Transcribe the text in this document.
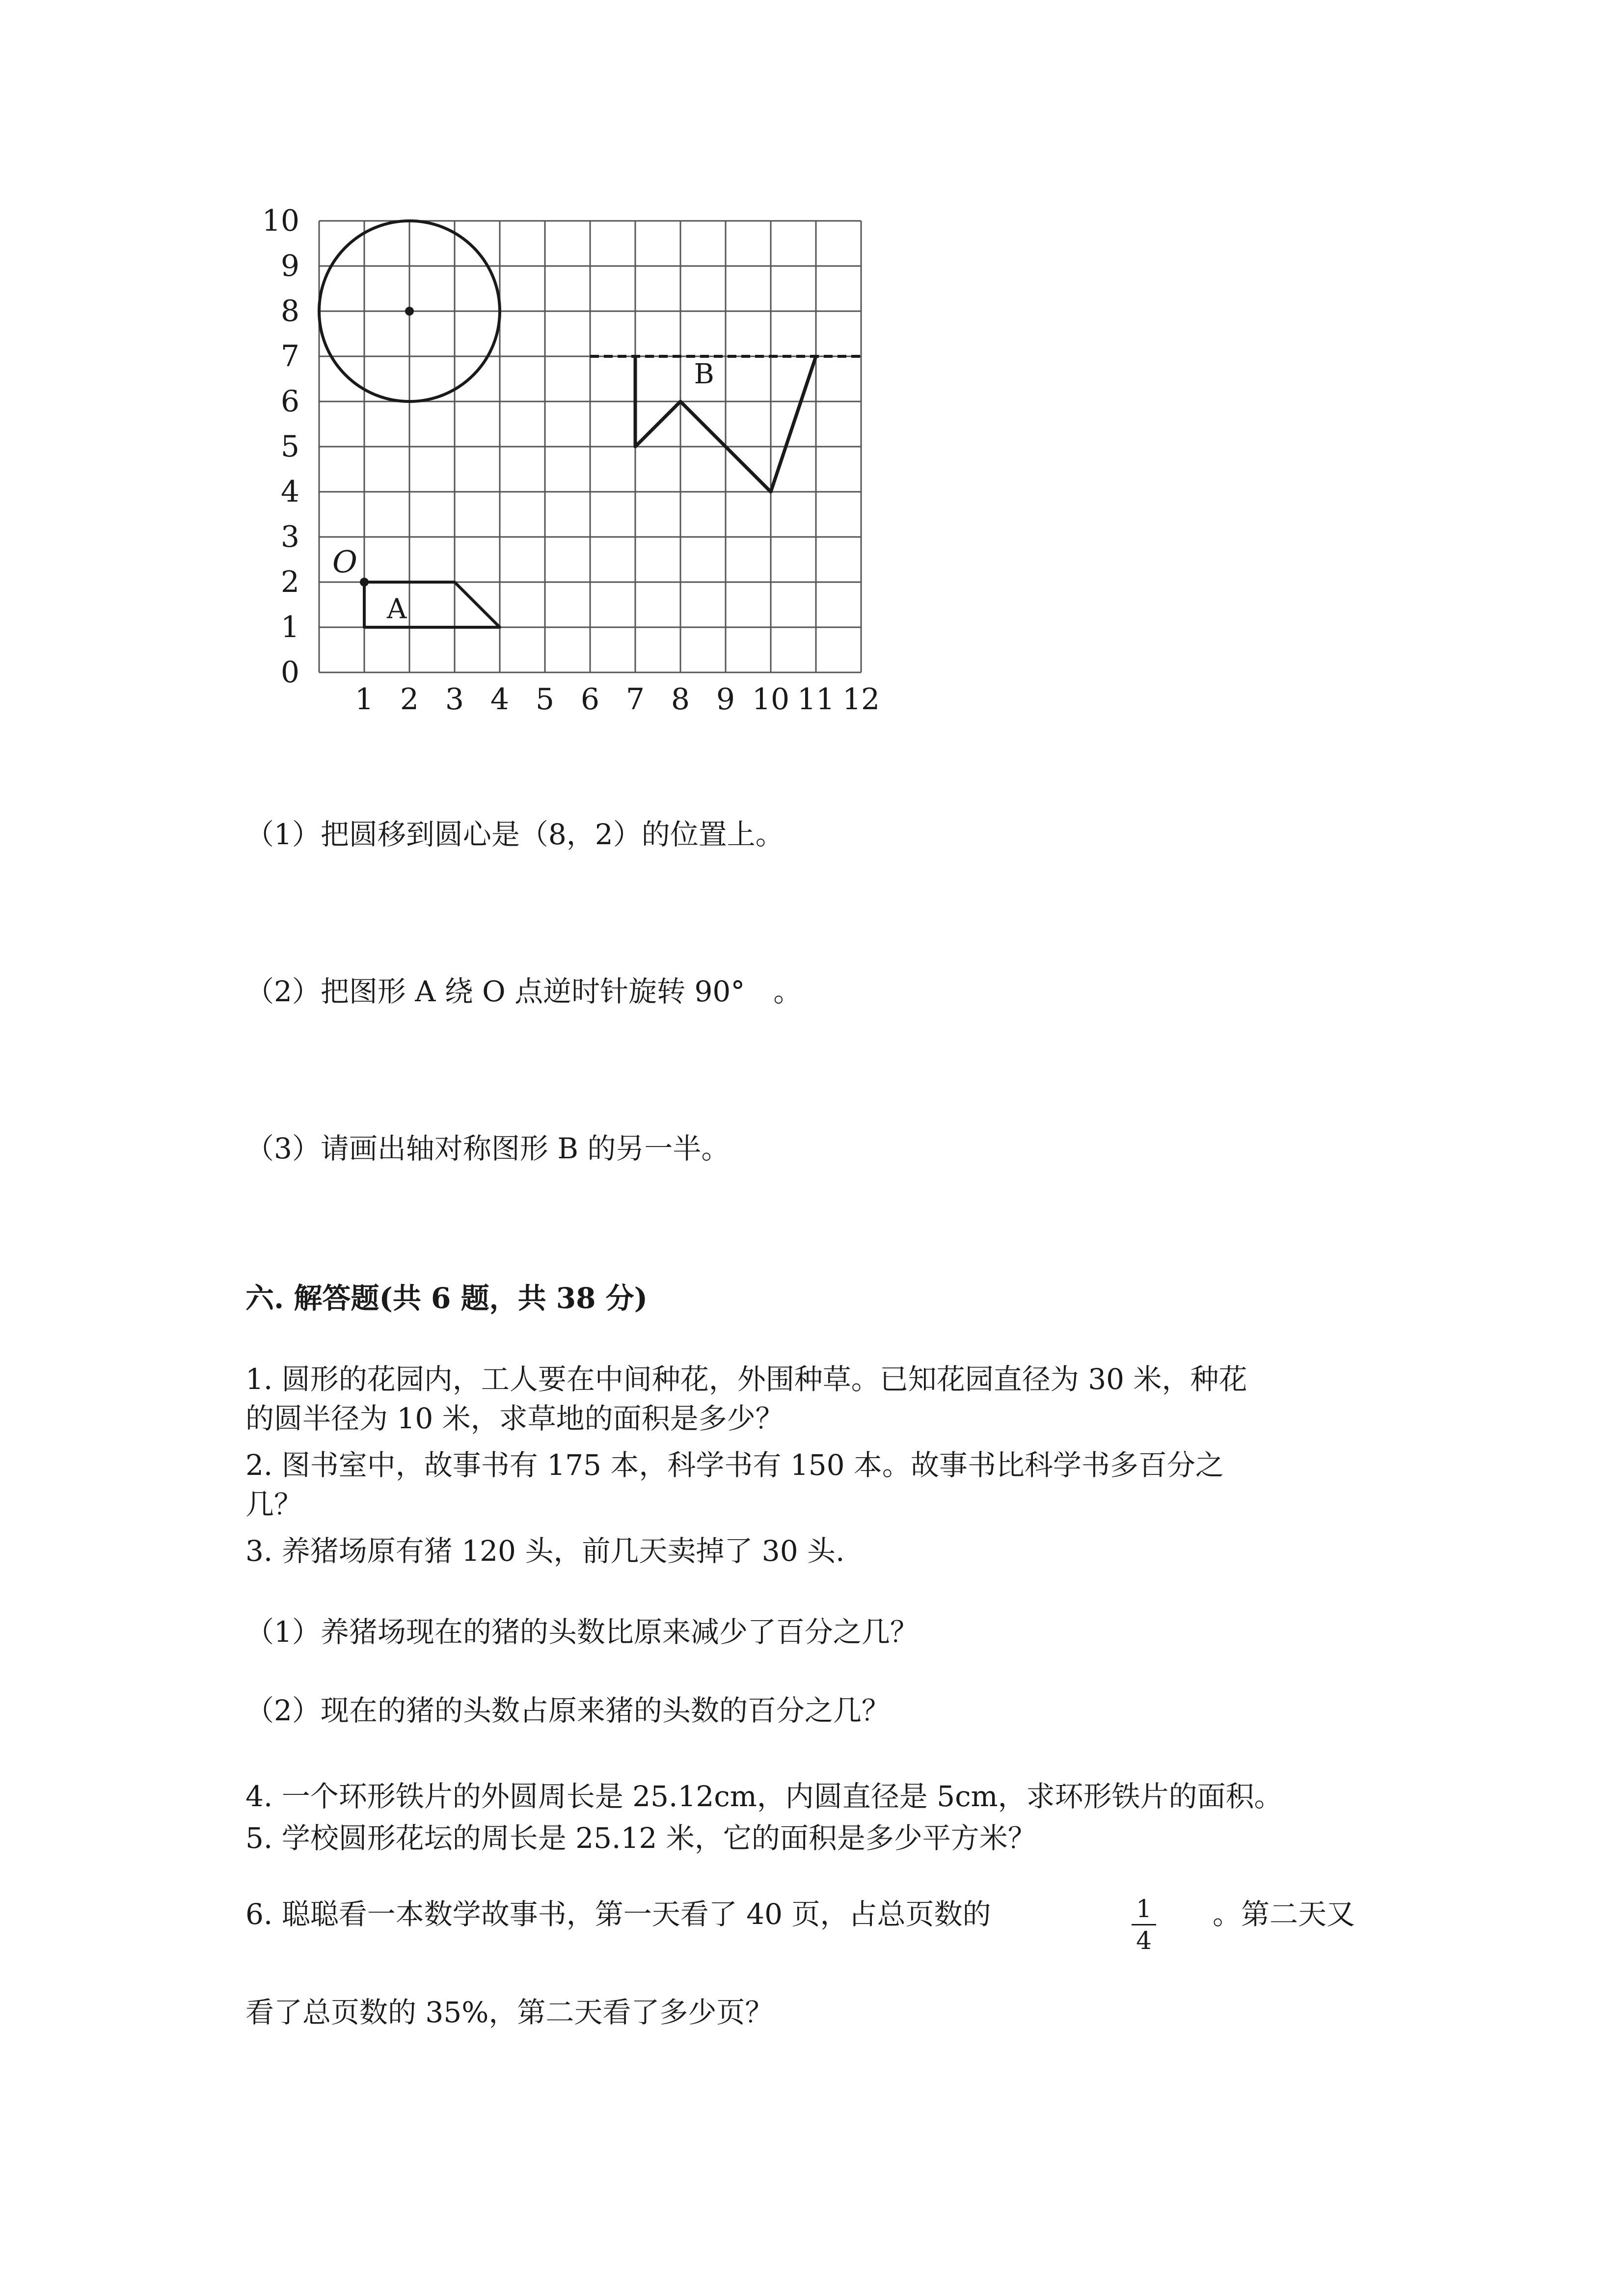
1 2 3 4 5 6 7 8 9 10 11 12
0
1
2
3
4
5
6
7
8
9
10
O
A
B
（1）把圆移到圆心是（8，2）的位置上。
（2）把图形 A 绕 O 点逆时针旋转 90°　。
（3）请画出轴对称图形 B 的另一半。
六. 解答题(共 6 题，共 38 分)
1. 圆形的花园内，工人要在中间种花，外围种草。已知花园直径为 30 米，种花
的圆半径为 10 米，求草地的面积是多少？
2. 图书室中，故事书有 175 本，科学书有 150 本。故事书比科学书多百分之
几？
3. 养猪场原有猪 120 头，前几天卖掉了 30 头.
（1）养猪场现在的猪的头数比原来减少了百分之几？
（2）现在的猪的头数占原来猪的头数的百分之几？
4. 一个环形铁片的外圆周长是 25.12cm，内圆直径是 5cm，求环形铁片的面积。
5. 学校圆形花坛的周长是 25.12 米，它的面积是多少平方米？
6. 聪聪看一本数学故事书，第一天看了 40 页，占总页数的	1
4
。第二天又
看了总页数的 35%，第二天看了多少页？
